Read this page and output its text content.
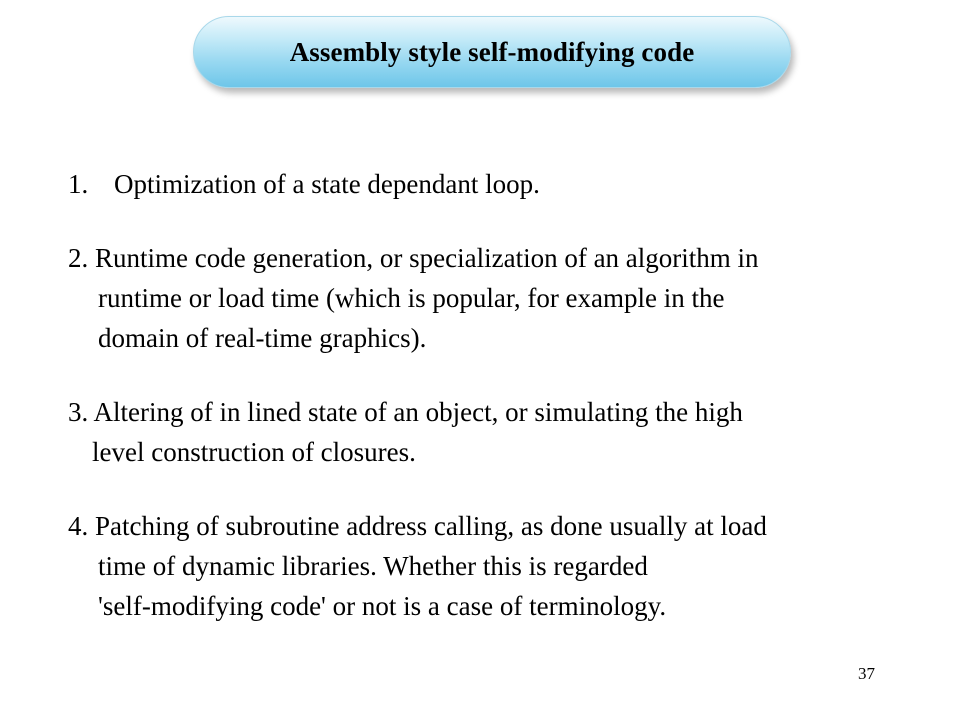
Assembly style self-modifying code
1. Optimization of a state dependant loop.
2. Runtime code generation, or specialization of an algorithm in
runtime or load time (which is popular, for example in the
domain of real-time graphics).
3. Altering of in lined state of an object, or simulating the high
level construction of closures.
4. Patching of subroutine address calling, as done usually at load
time of dynamic libraries. Whether this is regarded
'self-modifying code' or not is a case of terminology.
37
